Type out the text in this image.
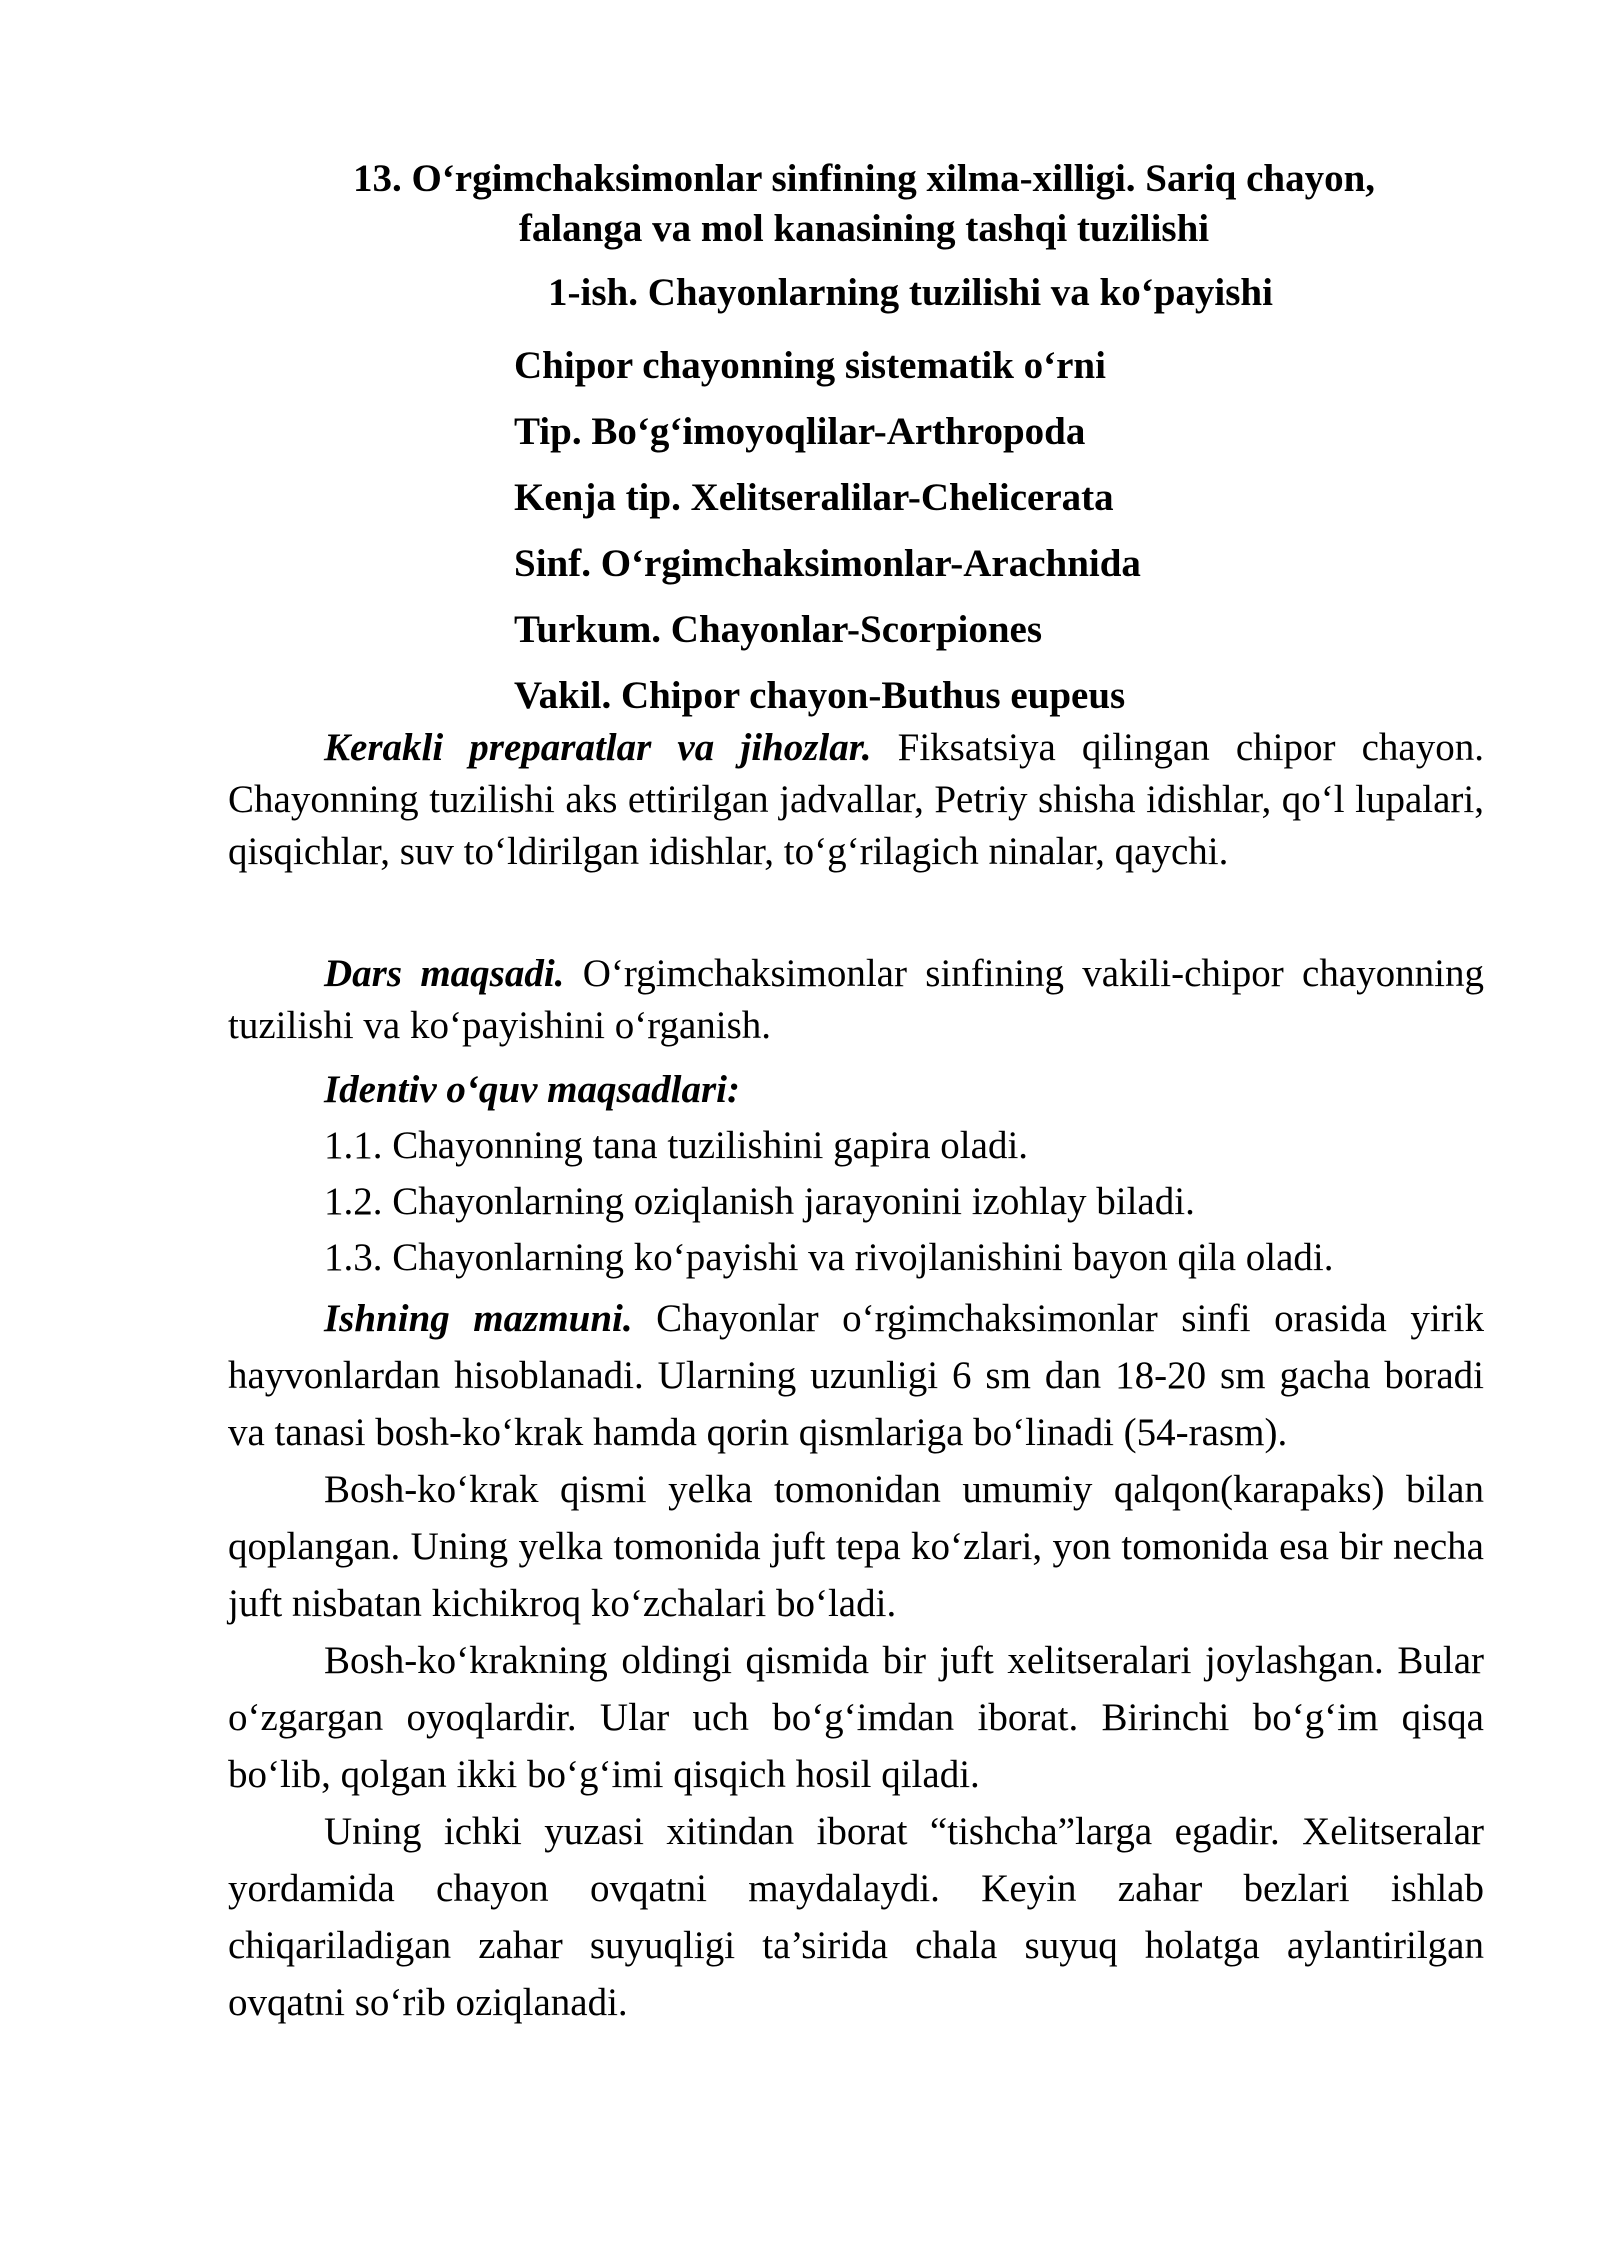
13. O‘rgimchaksimonlar sinfining xilma-xilligi. Sariq chayon,
falanga va mol kanasining tashqi tuzilishi
1-ish. Chayonlarning tuzilishi va ko‘payishi
Chipor chayonning sistematik o‘rni
Tip. Bo‘g‘imoyoqlilar-Arthropoda
Kenja tip. Xelitseralilar-Chelicerata
Sinf. O‘rgimchaksimonlar-Arachnida
Turkum. Chayonlar-Scorpiones
Vakil. Chipor chayon-Buthus eupeus

Kerakli preparatlar va jihozlar. Fiksatsiya qilingan chipor chayon. Chayonning tuzilishi aks ettirilgan jadvallar, Petriy shisha idishlar, qo‘l lupalari, qisqichlar, suv to‘ldirilgan idishlar, to‘g‘rilagich ninalar, qaychi.

Dars maqsadi. O‘rgimchaksimonlar sinfining vakili-chipor chayonning tuzilishi va ko‘payishini o‘rganish.

Identiv o‘quv maqsadlari:

1.1. Chayonning tana tuzilishini gapira oladi.

1.2. Chayonlarning oziqlanish jarayonini izohlay biladi.

1.3. Chayonlarning ko‘payishi va rivojlanishini bayon qila oladi.

Ishning mazmuni. Chayonlar o‘rgimchaksimonlar sinfi orasida yirik hayvonlardan hisoblanadi. Ularning uzunligi 6 sm dan 18-20 sm gacha boradi va tanasi bosh-ko‘krak hamda qorin qismlariga bo‘linadi (54-rasm).

Bosh-ko‘krak qismi yelka tomonidan umumiy qalqon(karapaks) bilan qoplangan. Uning yelka tomonida juft tepa ko‘zlari, yon tomonida esa bir necha juft nisbatan kichikroq ko‘zchalari bo‘ladi.

Bosh-ko‘krakning oldingi qismida bir juft xelitseralari joylashgan. Bular o‘zgargan oyoqlardir. Ular uch bo‘g‘imdan iborat. Birinchi bo‘g‘im qisqa bo‘lib, qolgan ikki bo‘g‘imi qisqich hosil qiladi.

Uning ichki yuzasi xitindan iborat “tishcha”larga egadir. Xelitseralar yordamida chayon ovqatni maydalaydi. Keyin zahar bezlari ishlab chiqariladigan zahar suyuqligi ta’sirida chala suyuq holatga aylantirilgan ovqatni so‘rib oziqlanadi.
